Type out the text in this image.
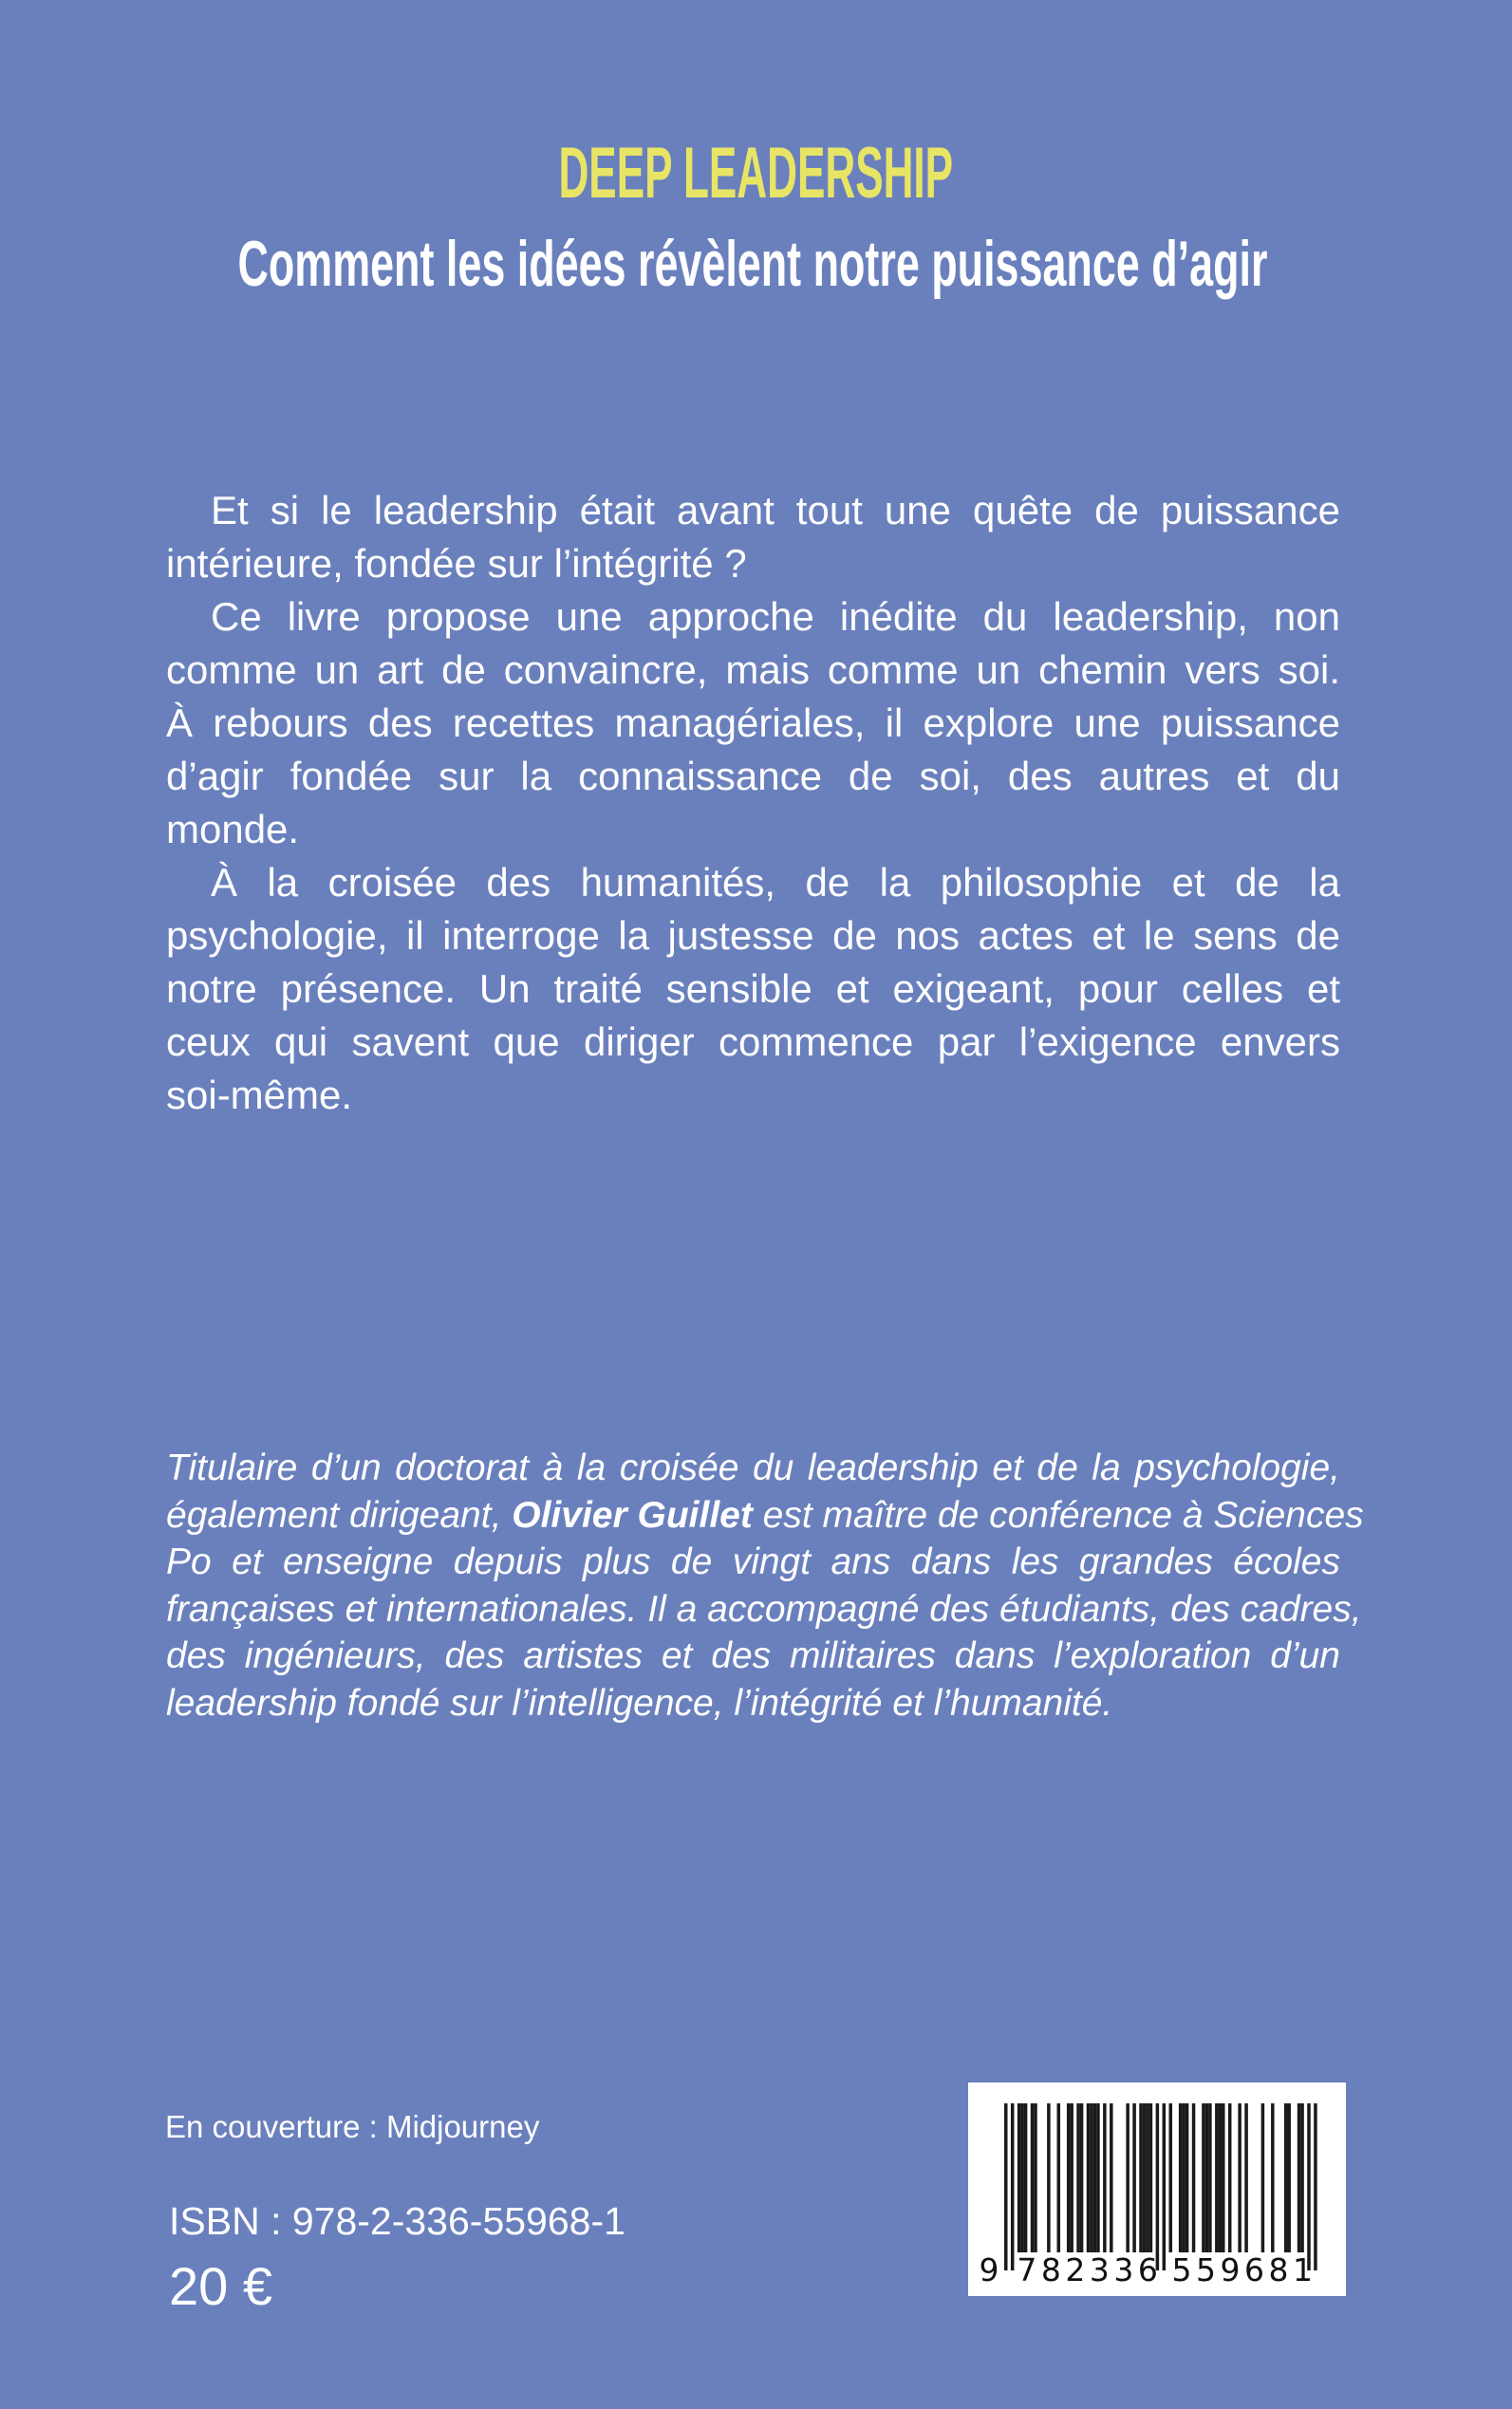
DEEP LEADERSHIP
Comment les idées révèlent notre puissance d’agir
Et si le leadership était avant tout une quête de puissance
intérieure, fondée sur l’intégrité ?
Ce livre propose une approche inédite du leadership, non
comme un art de convaincre, mais comme un chemin vers soi.
À rebours des recettes managériales, il explore une puissance
d’agir fondée sur la connaissance de soi, des autres et du
monde.
À la croisée des humanités, de la philosophie et de la
psychologie, il interroge la justesse de nos actes et le sens de
notre présence. Un traité sensible et exigeant, pour celles et
ceux qui savent que diriger commence par l’exigence envers
soi-même.
Titulaire d’un doctorat à la croisée du leadership et de la psychologie,
également dirigeant, Olivier Guillet est maître de conférence à Sciences
Po et enseigne depuis plus de vingt ans dans les grandes écoles
françaises et internationales. Il a accompagné des étudiants, des cadres,
des ingénieurs, des artistes et des militaires dans l’exploration d’un
leadership fondé sur l’intelligence, l’intégrité et l’humanité.
En couverture : Midjourney
ISBN : 978-2-336-55968-1
20 €	9 782336 559681
